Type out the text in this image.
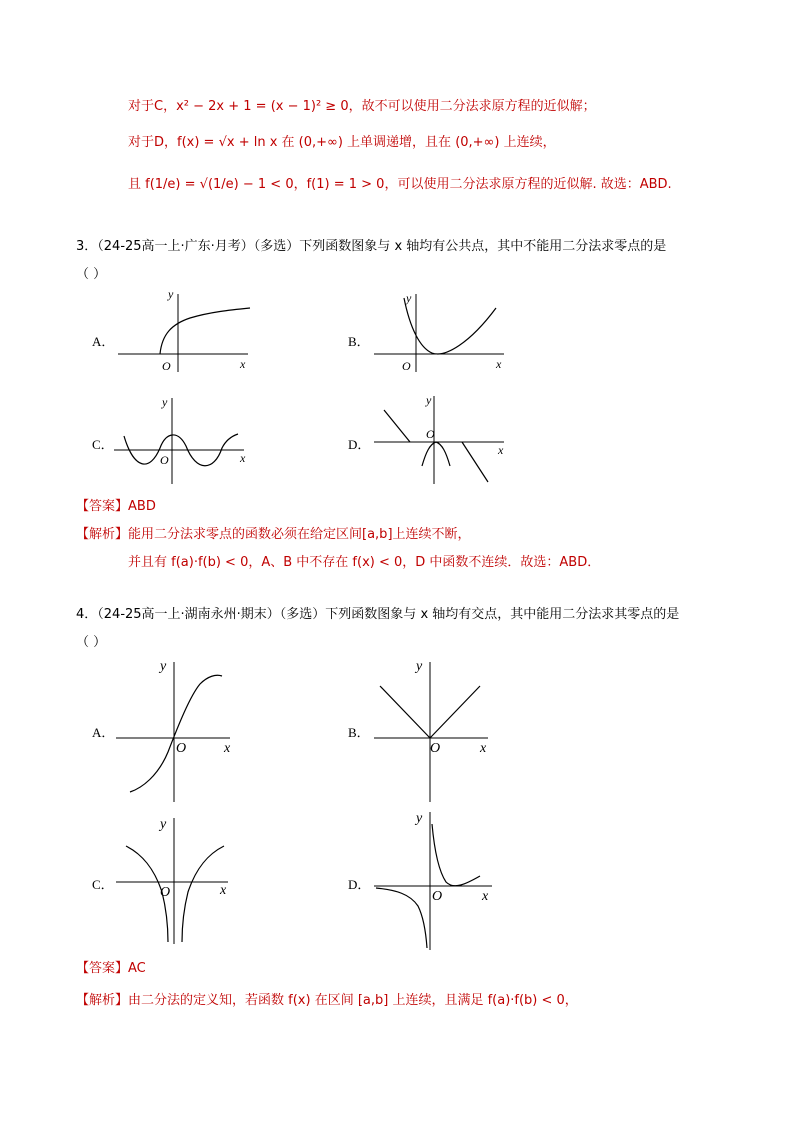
对于C，x² − 2x + 1 = (x − 1)² ≥ 0，故不可以使用二分法求原方程的近似解；
对于D，f(x) = √x + ln x 在 (0,+∞) 上单调递增，且在 (0,+∞) 上连续，
且 f(1/e) = √(1/e) − 1 < 0，f(1) = 1 > 0，可以使用二分法求原方程的近似解. 故选：ABD.
3．（24-25高一上·广东·月考）（多选）下列函数图象与 x 轴均有公共点，其中不能用二分法求零点的是
（ ）
A．	B．
C．	D．
y
x
O
y
x
O
y
x
O
y
x
O
【答案】ABD
【解析】能用二分法求零点的函数必须在给定区间[a,b]上连续不断，
并且有 f(a)·f(b) < 0，A、B 中不存在 f(x) < 0，D 中函数不连续．故选：ABD．
4．（24-25高一上·湖南永州·期末）（多选）下列函数图象与 x 轴均有交点，其中能用二分法求其零点的是
（ ）
A．	B．
C．	D．
y
x
O
y
x
O
y
x
O
y
x
O
【答案】AC
【解析】由二分法的定义知，若函数 f(x) 在区间 [a,b] 上连续，且满足 f(a)·f(b) < 0，
